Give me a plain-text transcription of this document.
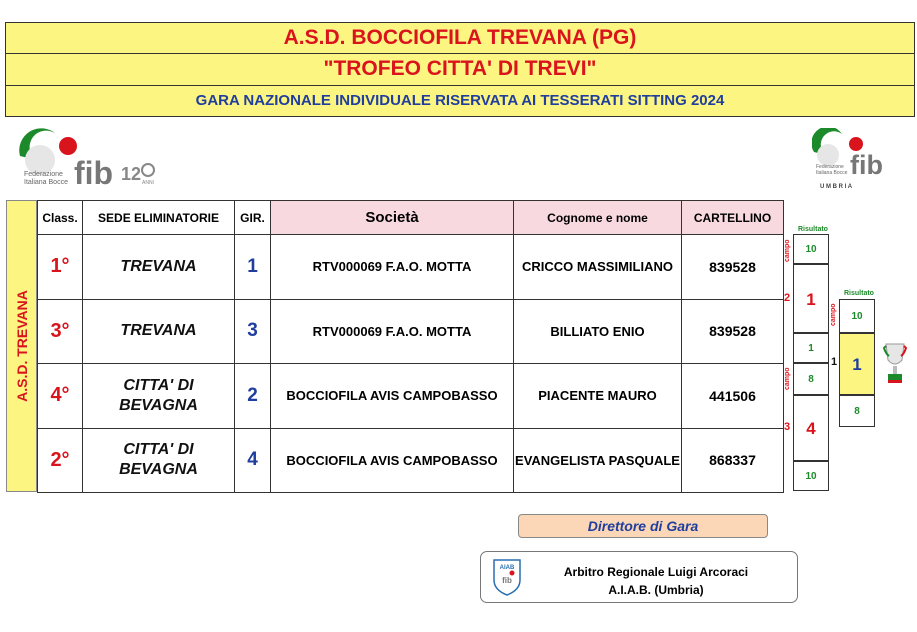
A.S.D. BOCCIOFILA TREVANA (PG)
"TROFEO CITTA' DI TREVI"
GARA NAZIONALE INDIVIDUALE RISERVATA AI TESSERATI SITTING 2024
fib
Federazione
Italiana Bocce	12 ANNI
fib
Federazione
Italiana Bocce
U M B R I A
A.S.D. TREVANA
Class.	SEDE ELIMINATORIE	GIR.	Società	Cognome e nome	CARTELLINO
1°	TREVANA	1	RTV000069 F.A.O. MOTTA	CRICCO MASSIMILIANO	839528
3°	TREVANA	3	RTV000069 F.A.O. MOTTA	BILLIATO ENIO	839528
4°	CITTA' DI BEVAGNA	2	BOCCIOFILA AVIS CAMPOBASSO	PIACENTE MAURO	441506
2°	CITTA' DI BEVAGNA	4	BOCCIOFILA AVIS CAMPOBASSO	EVANGELISTA PASQUALE	868337
Risultato
10
1
1
8
4
10
campo
2
campo
3
Risultato
10
1
8
campo
1
Direttore di Gara
AIAB
fib
Arbitro Regionale Luigi Arcoraci
A.I.A.B. (Umbria)
